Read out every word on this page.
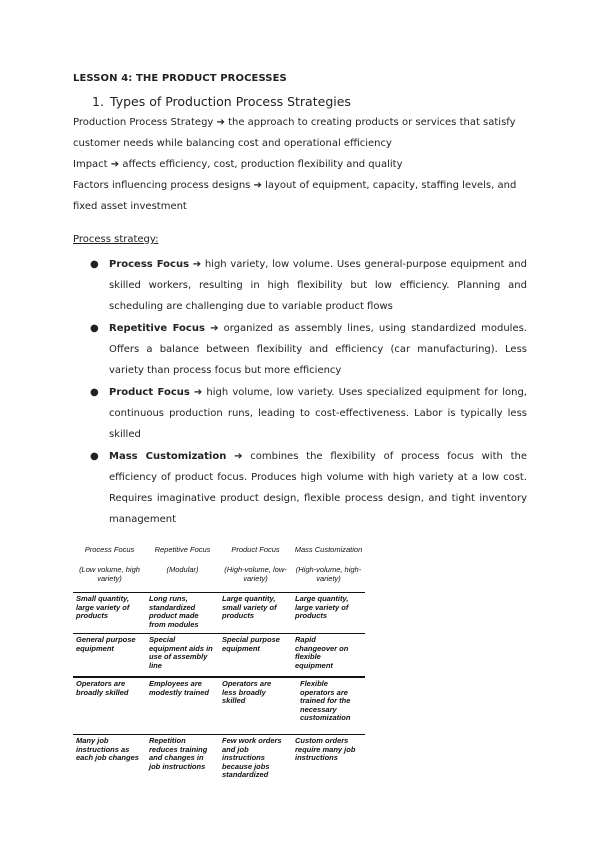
LESSON 4: THE PRODUCT PROCESSES
1. Types of Production Process Strategies
Production Process Strategy ➔ the approach to creating products or services that satisfy customer needs while balancing cost and operational efficiency
Impact ➔ affects efficiency, cost, production flexibility and quality
Factors influencing process designs ➔ layout of equipment, capacity, staffing levels, and fixed asset investment
Process strategy:
● Process Focus ➔ high variety, low volume. Uses general-purpose equipment and skilled workers, resulting in high flexibility but low efficiency. Planning and scheduling are challenging due to variable product flows
● Repetitive Focus ➔ organized as assembly lines, using standardized modules. Offers a balance between flexibility and efficiency (car manufacturing). Less variety than process focus but more efficiency
● Product Focus ➔ high volume, low variety. Uses specialized equipment for long, continuous production runs, leading to cost-effectiveness. Labor is typically less skilled
● Mass Customization ➔ combines the flexibility of process focus with the efficiency of product focus. Produces high volume with high variety at a low cost. Requires imaginative product design, flexible process design, and tight inventory management
Process Focus
(Low volume, high variety)
Repetitive Focus
(Modular)
Product Focus
(High-volume, low-variety)
Mass Customization
(High-volume, high-variety)
Small quantity, large variety of products
Long runs, standardized product made from modules
Large quantity, small variety of products
Large quantity, large variety of products
General purpose equipment
Special equipment aids in use of assembly line
Special purpose equipment
Rapid changeover on flexible equipment
Operators are broadly skilled
Employees are modestly trained
Operators are less broadly skilled
Flexible operators are trained for the necessary customization
Many job instructions as each job changes
Repetition reduces training and changes in job instructions
Few work orders and job instructions because jobs standardized
Custom orders require many job instructions
